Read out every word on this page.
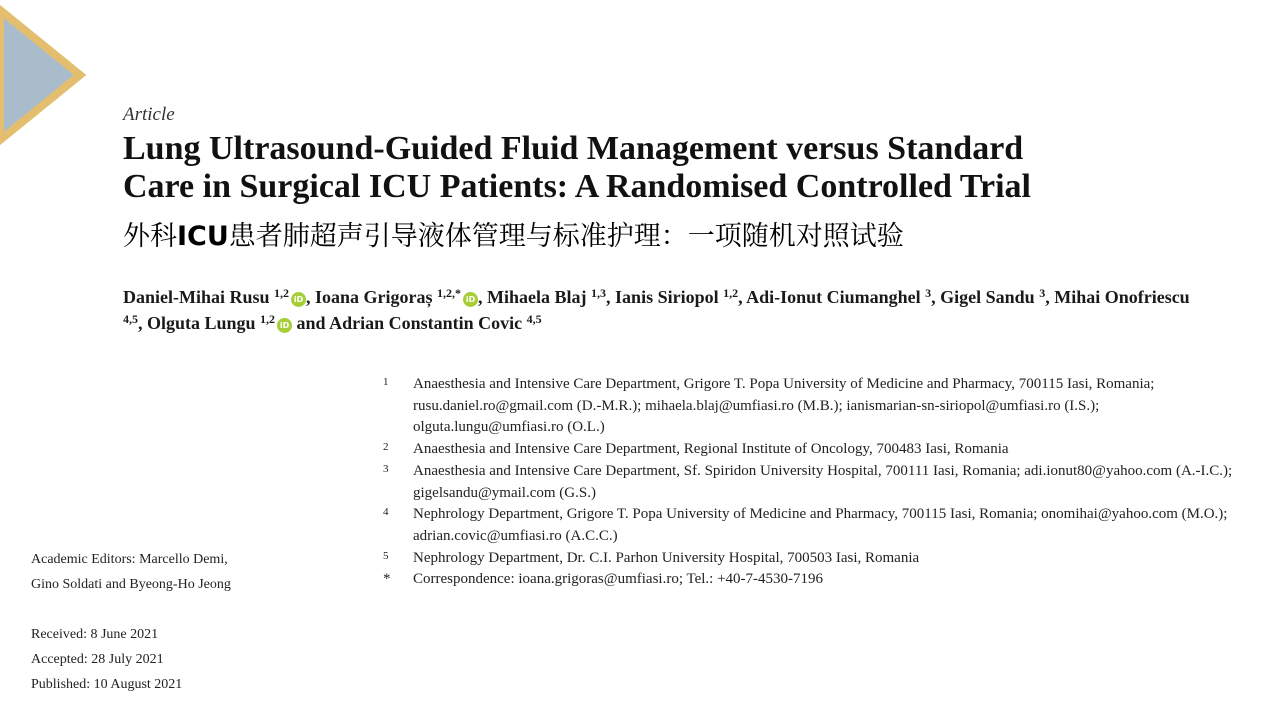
Article
Lung Ultrasound-Guided Fluid Management versus Standard
Care in Surgical ICU Patients: A Randomised Controlled Trial
外科ICU患者肺超声引导液体管理与标准护理：一项随机对照试验
Daniel-Mihai Rusu $^{1,2}$ iD , Ioana Grigoraș $^{1,2,*}$ iD , Mihaela Blaj $^{1,3}$, Ianis Siriopol $^{1,2}$, Adi-Ionut Ciumanghel $^3$, Gigel Sandu $^3$, Mihai Onofriescu $^{4,5}$, Olguta Lungu $^{1,2}$ iD and Adrian Constantin Covic $^{4,5}$
1	Anaesthesia and Intensive Care Department, Grigore T. Popa University of Medicine and Pharmacy, 700115 Iasi, Romania; rusu.daniel.ro@gmail.com (D.-M.R.); mihaela.blaj@umfiasi.ro (M.B.); ianismarian-sn-siriopol@umfiasi.ro (I.S.); olguta.lungu@umfiasi.ro (O.L.)
2	Anaesthesia and Intensive Care Department, Regional Institute of Oncology, 700483 Iasi, Romania
3	Anaesthesia and Intensive Care Department, Sf. Spiridon University Hospital, 700111 Iasi, Romania; adi.ionut80@yahoo.com (A.-I.C.); gigelsandu@ymail.com (G.S.)
4	Nephrology Department, Grigore T. Popa University of Medicine and Pharmacy, 700115 Iasi, Romania; onomihai@yahoo.com (M.O.); adrian.covic@umfiasi.ro (A.C.C.)
5	Nephrology Department, Dr. C.I. Parhon University Hospital, 700503 Iasi, Romania
*	Correspondence: ioana.grigoras@umfiasi.ro; Tel.: +40-7-4530-7196
Academic Editors: Marcello Demi,
Gino Soldati and Byeong-Ho Jeong
Received: 8 June 2021
Accepted: 28 July 2021
Published: 10 August 2021
